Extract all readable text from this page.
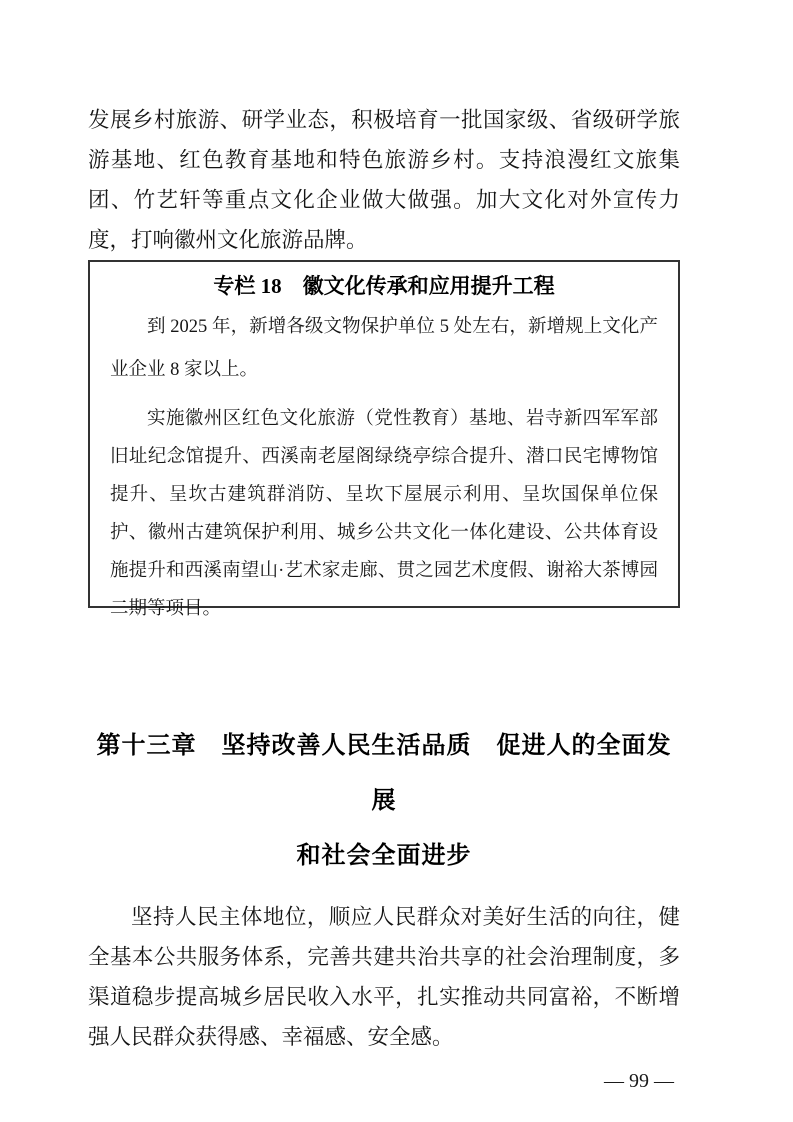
发展乡村旅游、研学业态，积极培育一批国家级、省级研学旅游基地、红色教育基地和特色旅游乡村。支持浪漫红文旅集团、竹艺轩等重点文化企业做大做强。加大文化对外宣传力度，打响徽州文化旅游品牌。

专栏 18　徽文化传承和应用提升工程

到 2025 年，新增各级文物保护单位 5 处左右，新增规上文化产业企业 8 家以上。

实施徽州区红色文化旅游（党性教育）基地、岩寺新四军军部旧址纪念馆提升、西溪南老屋阁绿绕亭综合提升、潜口民宅博物馆提升、呈坎古建筑群消防、呈坎下屋展示利用、呈坎国保单位保护、徽州古建筑保护利用、城乡公共文化一体化建设、公共体育设施提升和西溪南望山·艺术家走廊、贯之园艺术度假、谢裕大茶博园二期等项目。

第十三章　坚持改善人民生活品质　促进人的全面发展
和社会全面进步

坚持人民主体地位，顺应人民群众对美好生活的向往，健全基本公共服务体系，完善共建共治共享的社会治理制度，多渠道稳步提高城乡居民收入水平，扎实推动共同富裕，不断增强人民群众获得感、幸福感、安全感。

— 99 —
